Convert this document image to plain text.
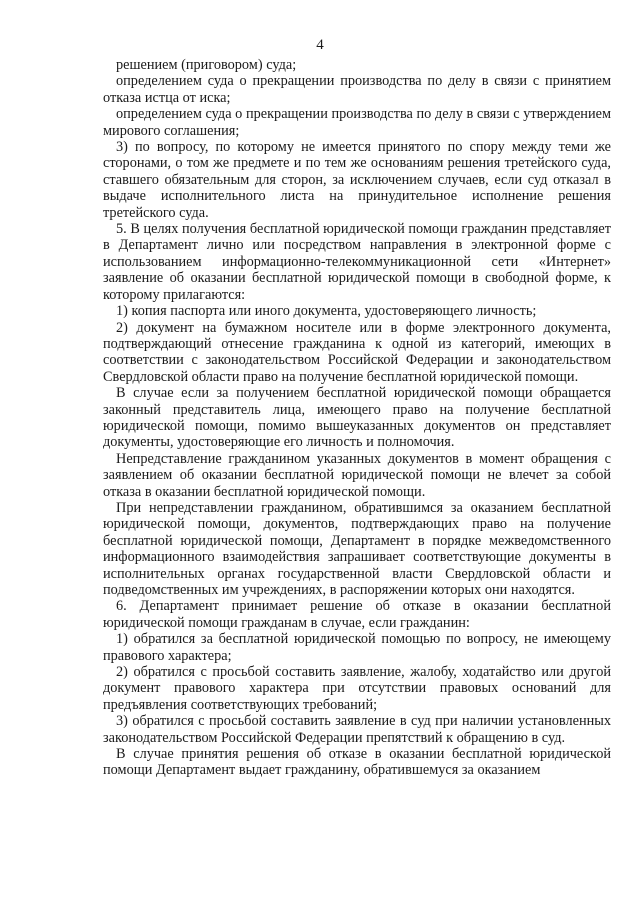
4

решением (приговором) суда;

определением суда о прекращении производства по делу в связи с принятием отказа истца от иска;

определением суда о прекращении производства по делу в связи с утверждением мирового соглашения;

3) по вопросу, по которому не имеется принятого по спору между теми же сторонами, о том же предмете и по тем же основаниям решения третейского суда, ставшего обязательным для сторон, за исключением случаев, если суд отказал в выдаче исполнительного листа на принудительное исполнение решения третейского суда.

5. В целях получения бесплатной юридической помощи гражданин представляет в Департамент лично или посредством направления в электронной форме с использованием информационно-телекоммуникационной сети «Интернет» заявление об оказании бесплатной юридической помощи в свободной форме, к которому прилагаются:

1) копия паспорта или иного документа, удостоверяющего личность;

2) документ на бумажном носителе или в форме электронного документа, подтверждающий отнесение гражданина к одной из категорий, имеющих в соответствии с законодательством Российской Федерации и законодательством Свердловской области право на получение бесплатной юридической помощи.

В случае если за получением бесплатной юридической помощи обращается законный представитель лица, имеющего право на получение бесплатной юридической помощи, помимо вышеуказанных документов он представляет документы, удостоверяющие его личность и полномочия.

Непредставление гражданином указанных документов в момент обращения с заявлением об оказании бесплатной юридической помощи не влечет за собой отказа в оказании бесплатной юридической помощи.

При непредставлении гражданином, обратившимся за оказанием бесплатной юридической помощи, документов, подтверждающих право на получение бесплатной юридической помощи, Департамент в порядке межведомственного информационного взаимодействия запрашивает соответствующие документы в исполнительных органах государственной власти Свердловской области и подведомственных им учреждениях, в распоряжении которых они находятся.

6. Департамент принимает решение об отказе в оказании бесплатной юридической помощи гражданам в случае, если гражданин:

1) обратился за бесплатной юридической помощью по вопросу, не имеющему правового характера;

2) обратился с просьбой составить заявление, жалобу, ходатайство или другой документ правового характера при отсутствии правовых оснований для предъявления соответствующих требований;

3) обратился с просьбой составить заявление в суд при наличии установленных законодательством Российской Федерации препятствий к обращению в суд.

В случае принятия решения об отказе в оказании бесплатной юридической помощи Департамент выдает гражданину, обратившемуся за оказанием
